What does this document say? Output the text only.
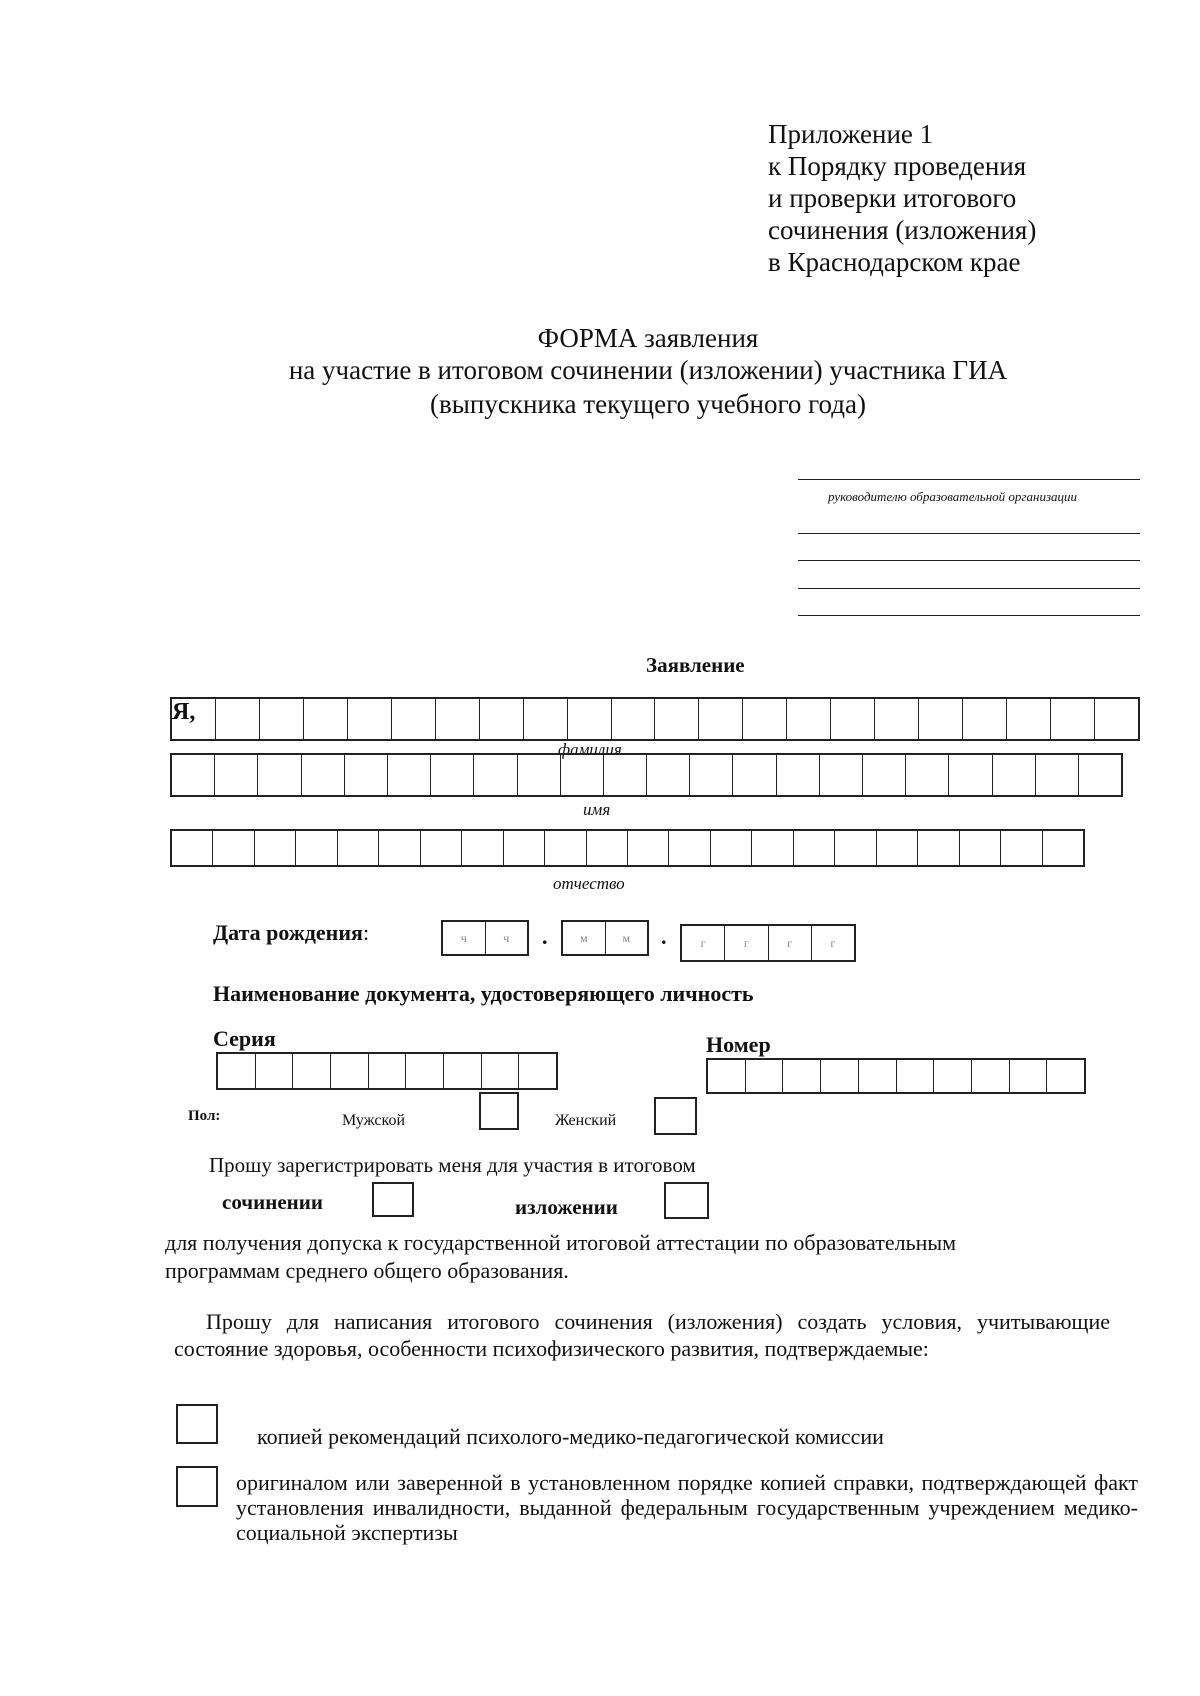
Приложение 1
к Порядку проведения
и проверки итогового
сочинения (изложения)
в Краснодарском крае
ФОРМА заявления
на участие в итоговом сочинении (изложении) участника ГИА
(выпускника текущего учебного года)
руководителю образовательной организации
Заявление
Я,
фамилия
имя
отчество
Дата рождения:	ч	ч	.	м	м	.	г	г	г	г
Наименование документа, удостоверяющего личность
Серия	Номер
Пол:	Мужской	Женский
Прошу зарегистрировать меня для участия в итоговом
сочинении	изложении
для получения допуска к государственной итоговой аттестации по образовательным
программам среднего общего образования.
Прошу для написания итогового сочинения (изложения) создать условия, учитывающие состояние здоровья, особенности психофизического развития, подтверждаемые:
копией рекомендаций психолого-медико-педагогической комиссии
оригиналом или заверенной в установленном порядке копией справки, подтверждающей факт установления инвалидности, выданной федеральным государственным учреждением медико-социальной экспертизы
